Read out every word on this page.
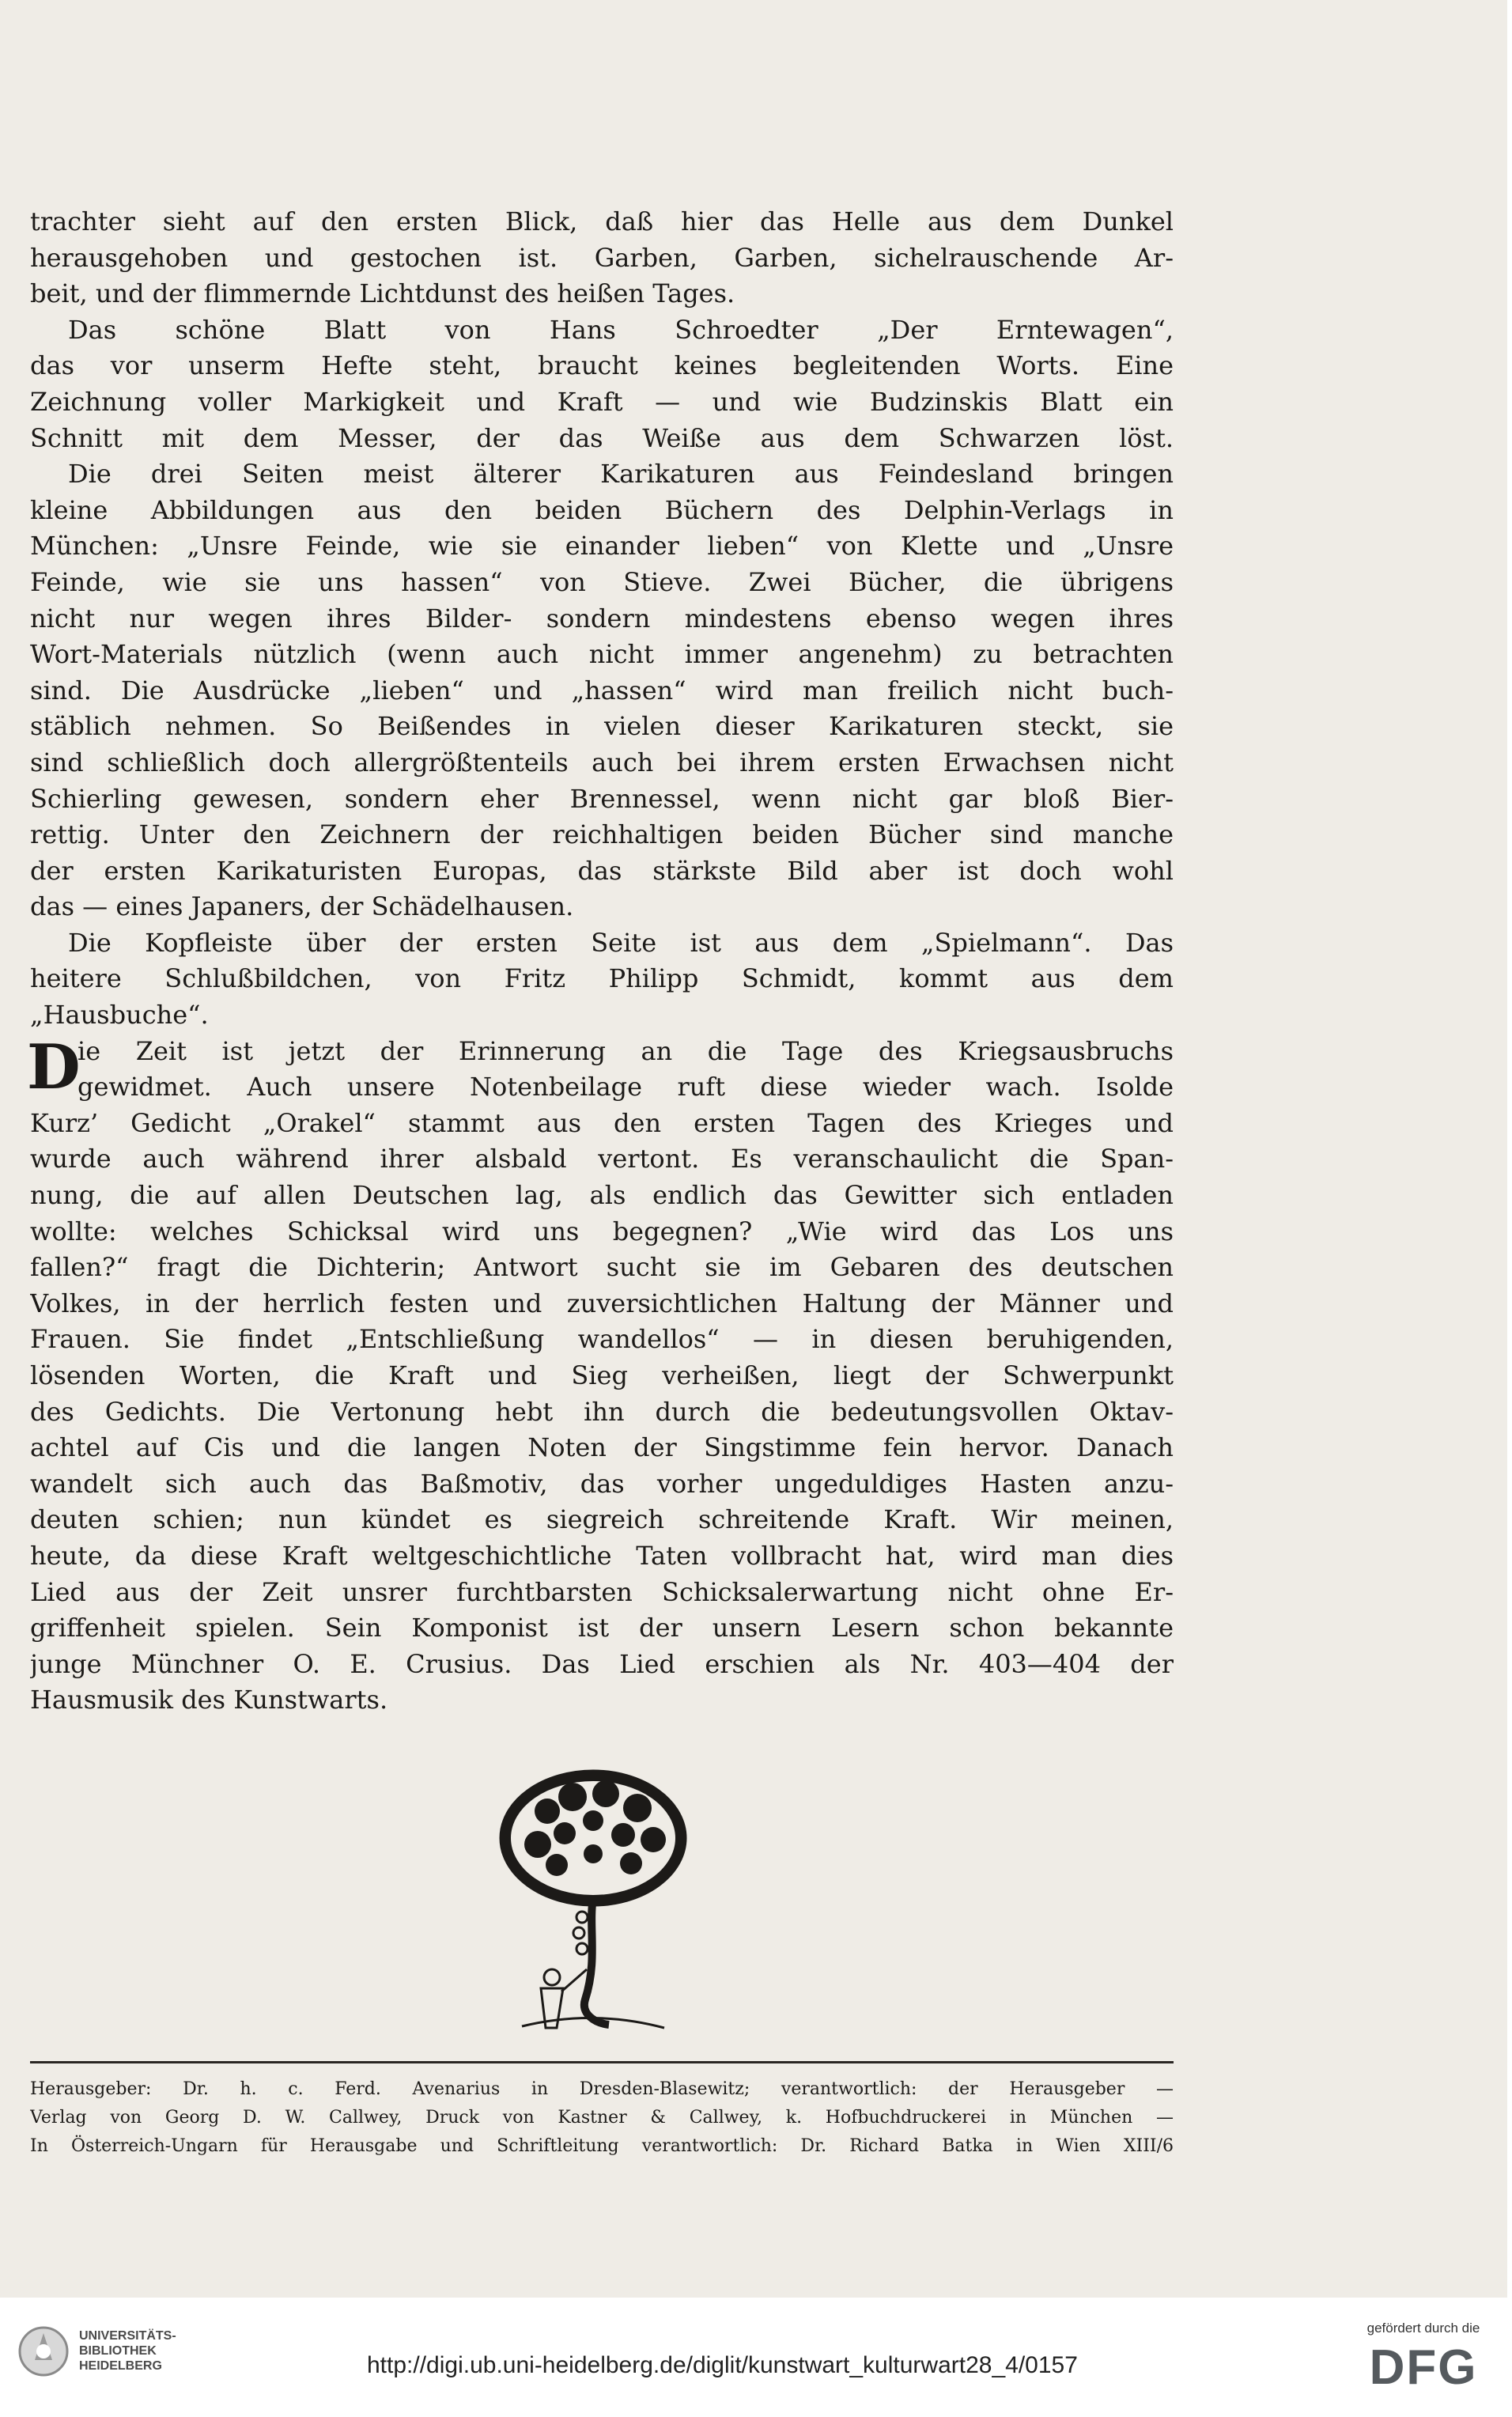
trachter sieht auf den ersten Blick, daß hier das Helle aus dem Dunkel
herausgehoben und gestochen ist. Garben, Garben, sichelrauschende Ar-
beit, und der flimmernde Lichtdunst des heißen Tages.
Das schöne Blatt von Hans Schroedter „Der Erntewagen“,
das vor unserm Hefte steht, braucht keines begleitenden Worts. Eine
Zeichnung voller Markigkeit und Kraft — und wie Budzinskis Blatt ein
Schnitt mit dem Messer, der das Weiße aus dem Schwarzen löst.
Die drei Seiten meist älterer Karikaturen aus Feindesland bringen
kleine Abbildungen aus den beiden Büchern des Delphin-Verlags in
München: „Unsre Feinde, wie sie einander lieben“ von Klette und „Unsre
Feinde, wie sie uns hassen“ von Stieve. Zwei Bücher, die übrigens
nicht nur wegen ihres Bilder- sondern mindestens ebenso wegen ihres
Wort-Materials nützlich (wenn auch nicht immer angenehm) zu betrachten
sind. Die Ausdrücke „lieben“ und „hassen“ wird man freilich nicht buch-
stäblich nehmen. So Beißendes in vielen dieser Karikaturen steckt, sie
sind schließlich doch allergrößtenteils auch bei ihrem ersten Erwachsen nicht
Schierling gewesen, sondern eher Brennessel, wenn nicht gar bloß Bier-
rettig. Unter den Zeichnern der reichhaltigen beiden Bücher sind manche
der ersten Karikaturisten Europas, das stärkste Bild aber ist doch wohl
das — eines Japaners, der Schädelhausen.
Die Kopfleiste über der ersten Seite ist aus dem „Spielmann“. Das
heitere Schlußbildchen, von Fritz Philipp Schmidt, kommt aus dem
„Hausbuche“.
D
ie Zeit ist jetzt der Erinnerung an die Tage des Kriegsausbruchs
gewidmet. Auch unsere Notenbeilage ruft diese wieder wach. Isolde
Kurz’ Gedicht „Orakel“ stammt aus den ersten Tagen des Krieges und
wurde auch während ihrer alsbald vertont. Es veranschaulicht die Span-
nung, die auf allen Deutschen lag, als endlich das Gewitter sich entladen
wollte: welches Schicksal wird uns begegnen? „Wie wird das Los uns
fallen?“ fragt die Dichterin; Antwort sucht sie im Gebaren des deutschen
Volkes, in der herrlich festen und zuversichtlichen Haltung der Männer und
Frauen. Sie findet „Entschließung wandellos“ — in diesen beruhigenden,
lösenden Worten, die Kraft und Sieg verheißen, liegt der Schwerpunkt
des Gedichts. Die Vertonung hebt ihn durch die bedeutungsvollen Oktav-
achtel auf Cis und die langen Noten der Singstimme fein hervor. Danach
wandelt sich auch das Baßmotiv, das vorher ungeduldiges Hasten anzu-
deuten schien; nun kündet es siegreich schreitende Kraft. Wir meinen,
heute, da diese Kraft weltgeschichtliche Taten vollbracht hat, wird man dies
Lied aus der Zeit unsrer furchtbarsten Schicksalerwartung nicht ohne Er-
griffenheit spielen. Sein Komponist ist der unsern Lesern schon bekannte
junge Münchner O. E. Crusius. Das Lied erschien als Nr. 403—404 der
Hausmusik des Kunstwarts.
Herausgeber: Dr. h. c. Ferd. Avenarius in Dresden-Blasewitz; verantwortlich: der Herausgeber —
Verlag von Georg D. W. Callwey, Druck von Kastner & Callwey, k. Hofbuchdruckerei in München —
In Österreich-Ungarn für Herausgabe und Schriftleitung verantwortlich: Dr. Richard Batka in Wien XIII/6
UNIVERSITÄTS-
BIBLIOTHEK
HEIDELBERG	http://digi.ub.uni-heidelberg.de/diglit/kunstwart_kulturwart28_4/0157
gefördert durch die
DFG
